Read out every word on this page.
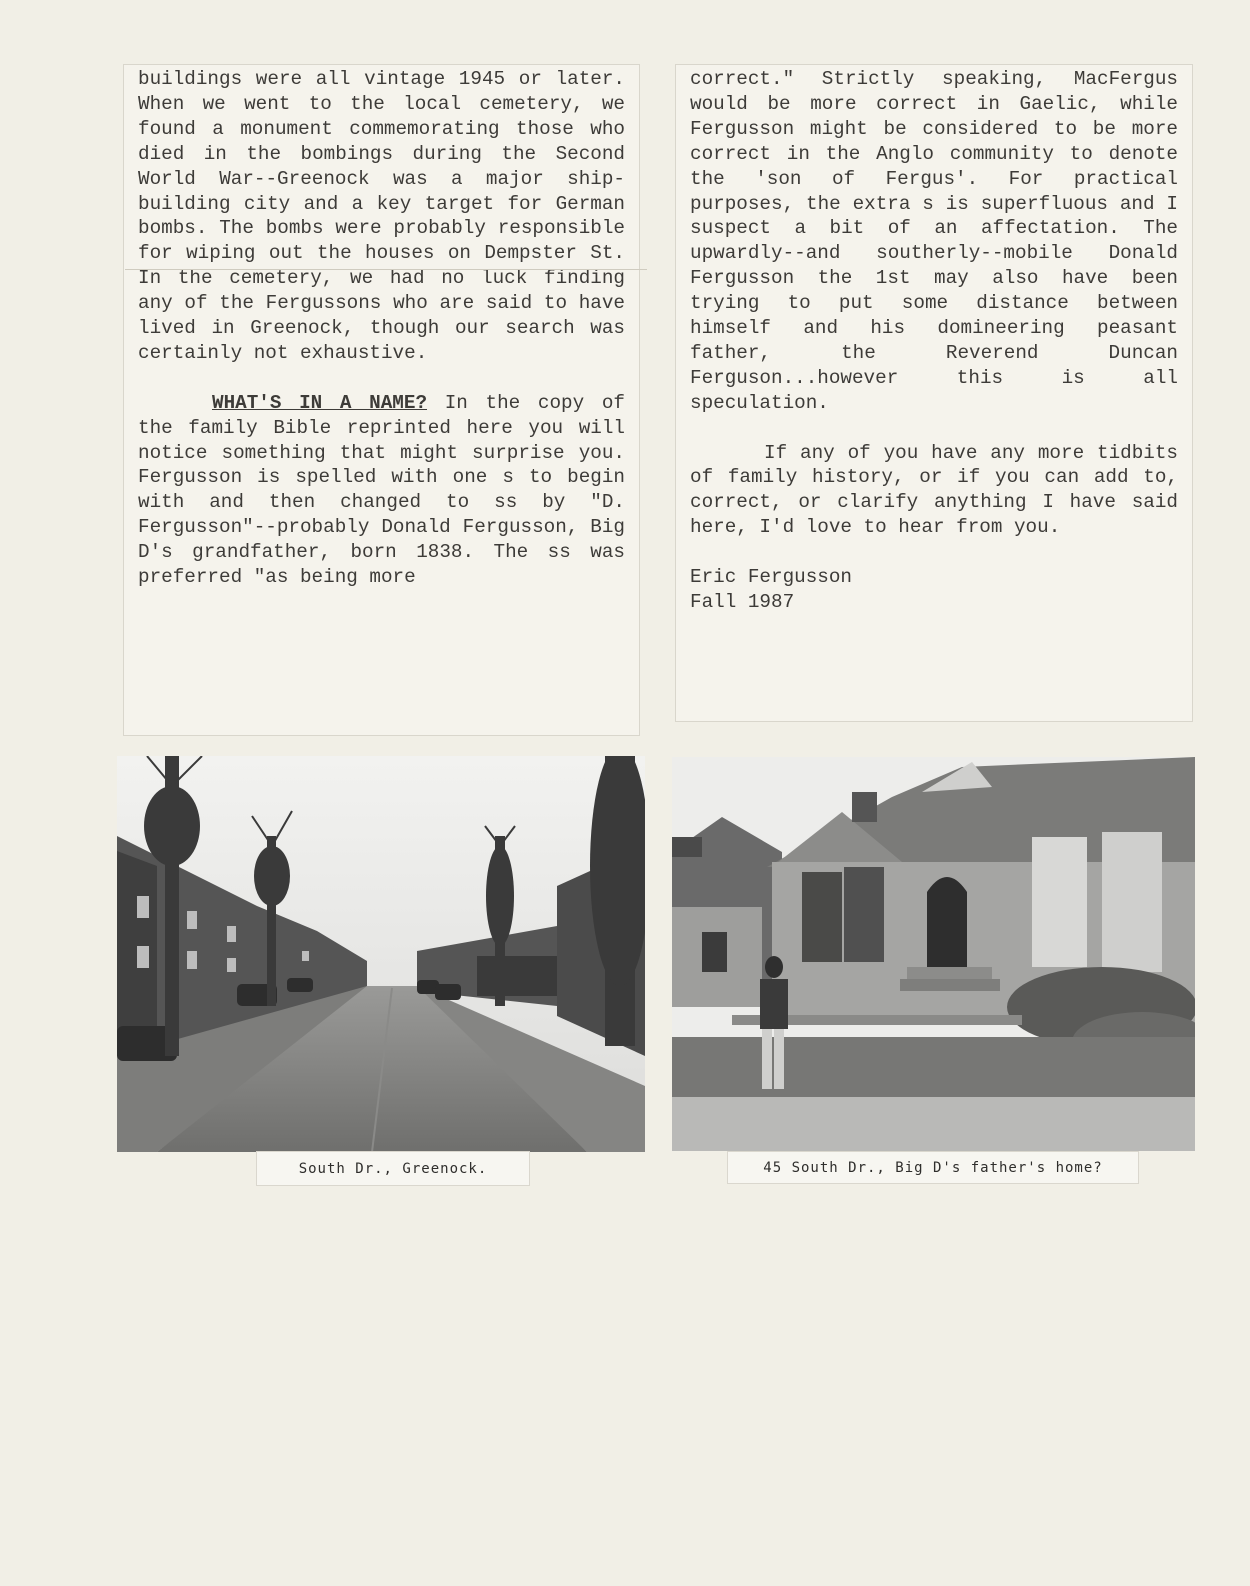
buildings were all vintage 1945 or later. When we went to the local cemetery, we found a monument commemorating those who died in the bombings during the Second World War--Greenock was a major ship- building city and a key target for German bombs. The bombs were probably responsible for wiping out the houses on Dempster St. In the cemetery, we had no luck finding any of the Fergussons who are said to have lived in Greenock, though our search was certainly not exhaustive.

WHAT'S IN A NAME? In the copy of the family Bible reprinted here you will notice something that might surprise you. Fergusson is spelled with one s to begin with and then changed to ss by "D. Fergusson"--probably Donald Fergusson, Big D's grandfather, born 1838. The ss was preferred "as being more

correct." Strictly speaking, MacFergus would be more correct in Gaelic, while Fergusson might be considered to be more correct in the Anglo community to denote the 'son of Fergus'. For practical purposes, the extra s is superfluous and I suspect a bit of an affectation. The upwardly--and southerly--mobile Donald Fergusson the 1st may also have been trying to put some distance between himself and his domineering peasant father, the Reverend Duncan Ferguson...however this is all speculation.

If any of you have any more tidbits of family history, or if you can add to, correct, or clarify anything I have said here, I'd love to hear from you.

Eric Fergusson

Fall 1987

South Dr., Greenock.	45 South Dr., Big D's father's home?
